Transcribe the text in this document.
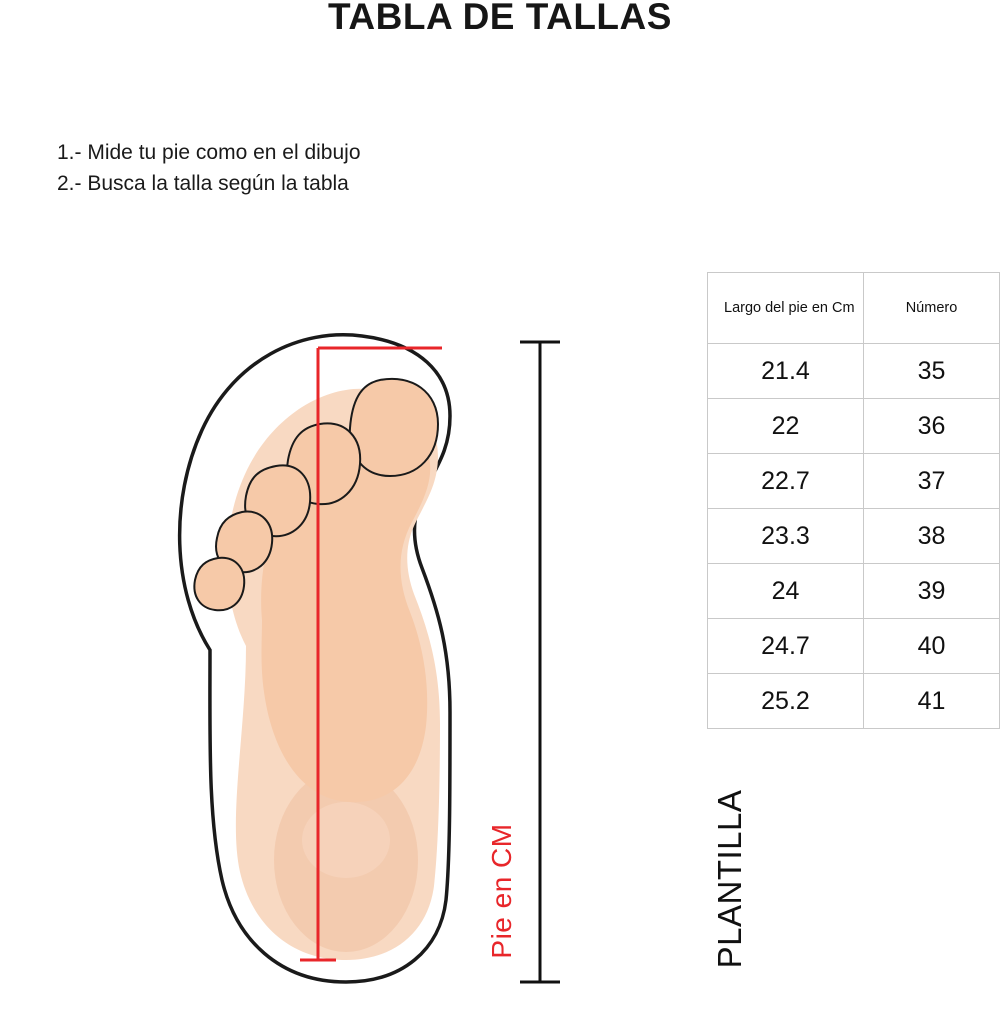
TABLA DE TALLAS
1.- Mide tu pie como en el dibujo
2.- Busca la talla según la tabla
Pie en CM	PLANTILLA
Largo del pie en Cm	Número
21.4	35
22	36
22.7	37
23.3	38
24	39
24.7	40
25.2	41
